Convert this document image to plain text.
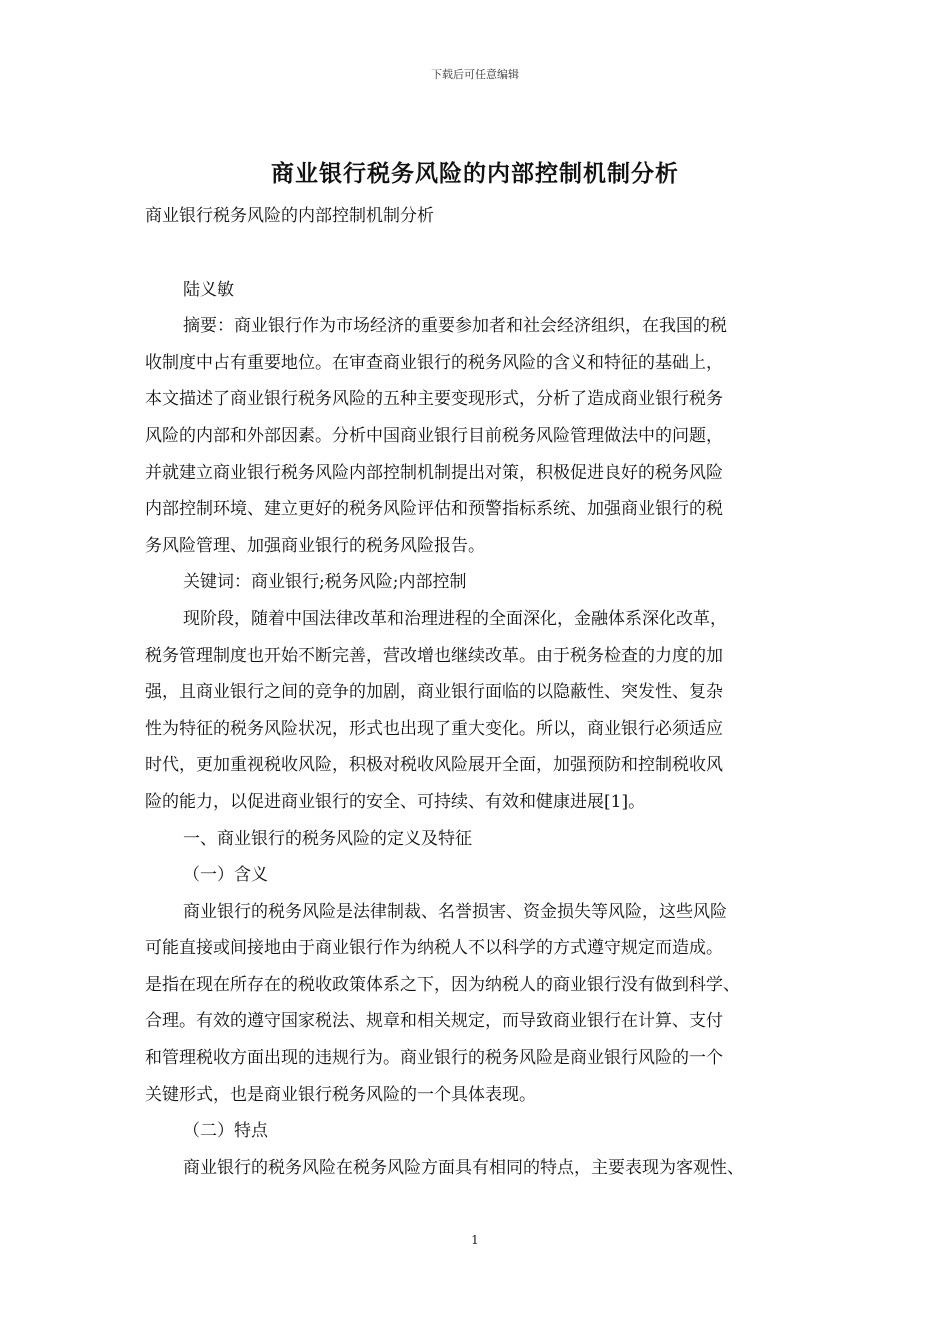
下载后可任意编辑
商业银行税务风险的内部控制机制分析
商业银行税务风险的内部控制机制分析
陆义敏
摘要：商业银行作为市场经济的重要参加者和社会经济组织，在我国的税
收制度中占有重要地位。在审查商业银行的税务风险的含义和特征的基础上，
本文描述了商业银行税务风险的五种主要变现形式，分析了造成商业银行税务
风险的内部和外部因素。分析中国商业银行目前税务风险管理做法中的问题，
并就建立商业银行税务风险内部控制机制提出对策，积极促进良好的税务风险
内部控制环境、建立更好的税务风险评估和预警指标系统、加强商业银行的税
务风险管理、加强商业银行的税务风险报告。
关键词：商业银行;税务风险;内部控制
现阶段，随着中国法律改革和治理进程的全面深化，金融体系深化改革，
税务管理制度也开始不断完善，营改增也继续改革。由于税务检查的力度的加
强，且商业银行之间的竞争的加剧，商业银行面临的以隐蔽性、突发性、复杂
性为特征的税务风险状况，形式也出现了重大变化。所以，商业银行必须适应
时代，更加重视税收风险，积极对税收风险展开全面，加强预防和控制税收风
险的能力，以促进商业银行的安全、可持续、有效和健康进展[1]。
一、商业银行的税务风险的定义及特征
（一）含义
商业银行的税务风险是法律制裁、名誉损害、资金损失等风险，这些风险
可能直接或间接地由于商业银行作为纳税人不以科学的方式遵守规定而造成。
是指在现在所存在的税收政策体系之下，因为纳税人的商业银行没有做到科学、
合理。有效的遵守国家税法、规章和相关规定，而导致商业银行在计算、支付
和管理税收方面出现的违规行为。商业银行的税务风险是商业银行风险的一个
关键形式，也是商业银行税务风险的一个具体表现。
（二）特点
商业银行的税务风险在税务风险方面具有相同的特点，主要表现为客观性、
1
